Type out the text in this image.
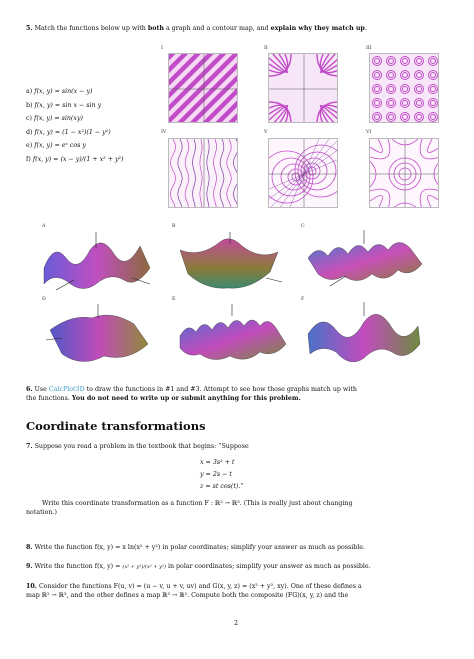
5. Match the functions below up with both a graph and a contour map, and explain why they match up.
a) f(x, y) = sin(x − y)
b) f(x, y) = sin x − sin y
c) f(x, y) = sin(xy)
d) f(x, y) = (1 − x²)(1 − y²)
e) f(x, y) = eˣ cos y
f) f(x, y) = (x − y)/(1 + x² + y²)
I	II	III
IV	V	VI
A	B	C
D	E	F
6. Use CalcPlot3D to draw the functions in #1 and #3. Attempt to see how those graphs match up with
the functions. You do not need to write up or submit anything for this problem.
Coordinate transformations
7. Suppose you read a problem in the textbook that begins: “Suppose
x = 3s² + t
y = 2s − t
z = st cos(t).”
Write this coordinate transformation as a function F : ℝ² → ℝ³. (This is really just about changing
notation.)
8. Write the function f(x, y) = x ln(x² + y²) in polar coordinates; simplify your answer as much as possible.
9. Write the function f(x, y) = (x² + y²)/(x² + y²) in polar coordinates; simplify your answer as much as possible.
10. Consider the functions F(u, v) = (u − v, u + v, uv) and G(x, y, z) = (x² + y², xy). One of these defines a
map ℝ² → ℝ³, and the other defines a map ℝ³ → ℝ². Compute both the composite (FG)(x, y, z) and the
2
